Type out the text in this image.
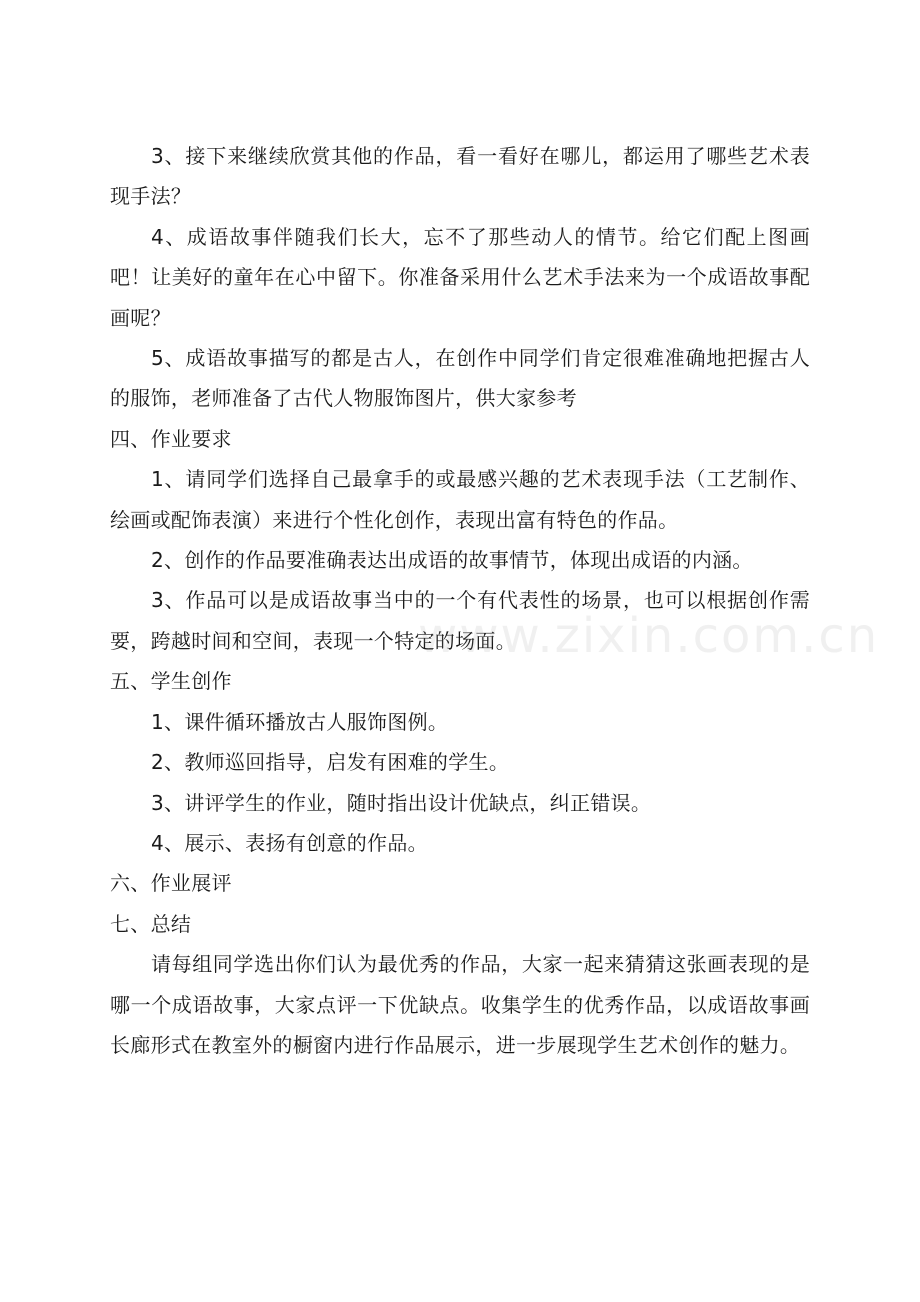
3、接下来继续欣赏其他的作品，看一看好在哪儿，都运用了哪些艺术表现手法？

4、成语故事伴随我们长大，忘不了那些动人的情节。给它们配上图画吧！让美好的童年在心中留下。你准备采用什么艺术手法来为一个成语故事配画呢？

5、成语故事描写的都是古人，在创作中同学们肯定很难准确地把握古人的服饰，老师准备了古代人物服饰图片，供大家参考

四、作业要求

1、请同学们选择自己最拿手的或最感兴趣的艺术表现手法（工艺制作、绘画或配饰表演）来进行个性化创作，表现出富有特色的作品。

2、创作的作品要准确表达出成语的故事情节，体现出成语的内涵。

3、作品可以是成语故事当中的一个有代表性的场景，也可以根据创作需要，跨越时间和空间，表现一个特定的场面。

五、学生创作

1、课件循环播放古人服饰图例。

2、教师巡回指导，启发有困难的学生。

3、讲评学生的作业，随时指出设计优缺点，纠正错误。

4、展示、表扬有创意的作品。

六、作业展评

七、总结

请每组同学选出你们认为最优秀的作品，大家一起来猜猜这张画表现的是哪一个成语故事，大家点评一下优缺点。收集学生的优秀作品，以成语故事画长廊形式在教室外的橱窗内进行作品展示，进一步展现学生艺术创作的魅力。

www.zixin.com.cn
